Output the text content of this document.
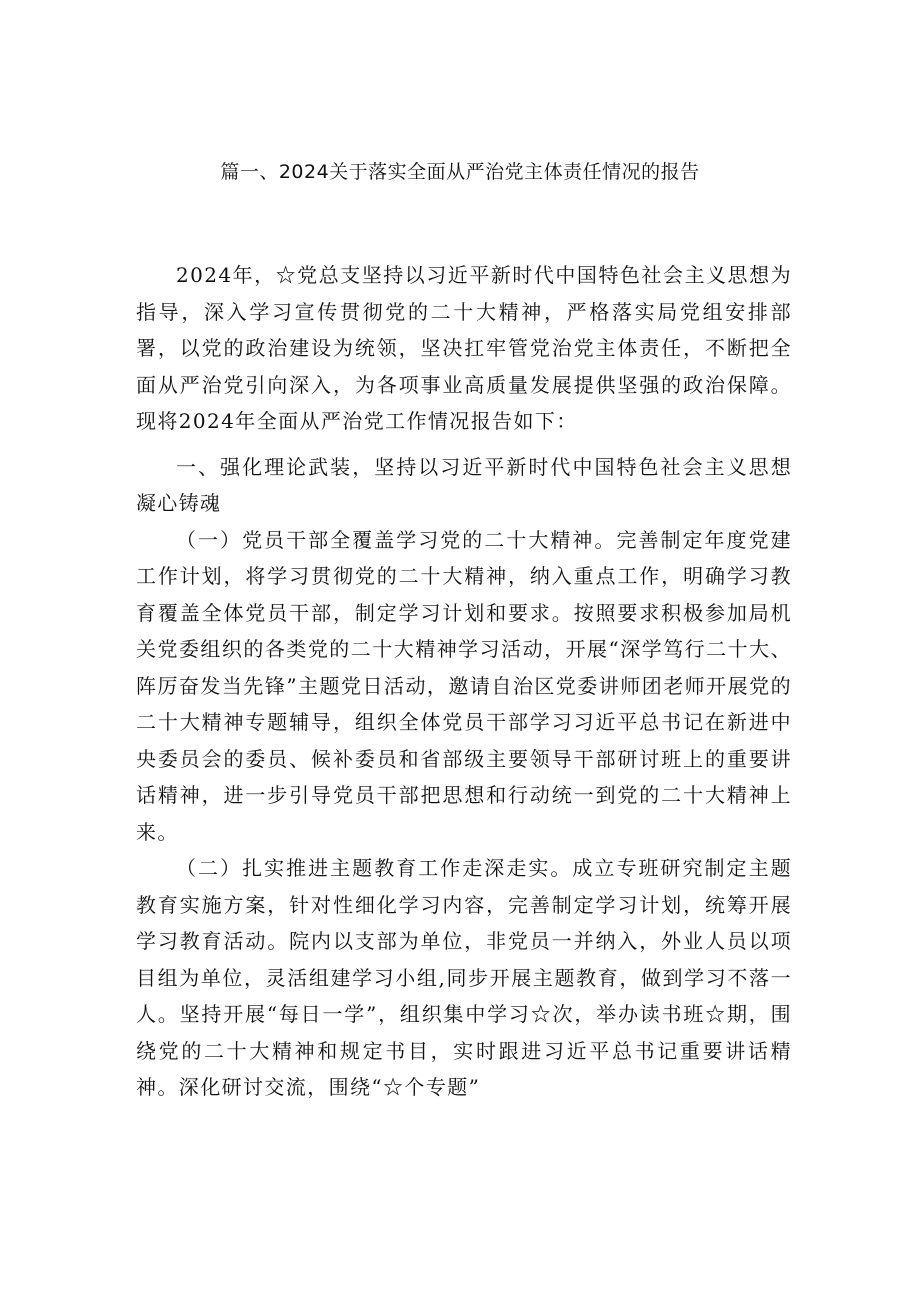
篇一、2024关于落实全面从严治党主体责任情况的报告

2024年，☆党总支坚持以习近平新时代中国特色社会主义思想为指导，深入学习宣传贯彻党的二十大精神，严格落实局党组安排部署，以党的政治建设为统领，坚决扛牢管党治党主体责任，不断把全面从严治党引向深入，为各项事业高质量发展提供坚强的政治保障。现将2024年全面从严治党工作情况报告如下：

一、强化理论武装，坚持以习近平新时代中国特色社会主义思想凝心铸魂

（一）党员干部全覆盖学习党的二十大精神。完善制定年度党建工作计划，将学习贯彻党的二十大精神，纳入重点工作，明确学习教育覆盖全体党员干部，制定学习计划和要求。按照要求积极参加局机关党委组织的各类党的二十大精神学习活动，开展“深学笃行二十大、阵厉奋发当先锋”主题党日活动，邀请自治区党委讲师团老师开展党的二十大精神专题辅导，组织全体党员干部学习习近平总书记在新进中央委员会的委员、候补委员和省部级主要领导干部研讨班上的重要讲话精神，进一步引导党员干部把思想和行动统一到党的二十大精神上来。

（二）扎实推进主题教育工作走深走实。成立专班研究制定主题教育实施方案，针对性细化学习内容，完善制定学习计划，统筹开展学习教育活动。院内以支部为单位，非党员一并纳入，外业人员以项目组为单位，灵活组建学习小组,同步开展主题教育，做到学习不落一人。坚持开展“每日一学”，组织集中学习☆次，举办读书班☆期，围绕党的二十大精神和规定书目，实时跟进习近平总书记重要讲话精神。深化研讨交流，围绕“☆个专题”
